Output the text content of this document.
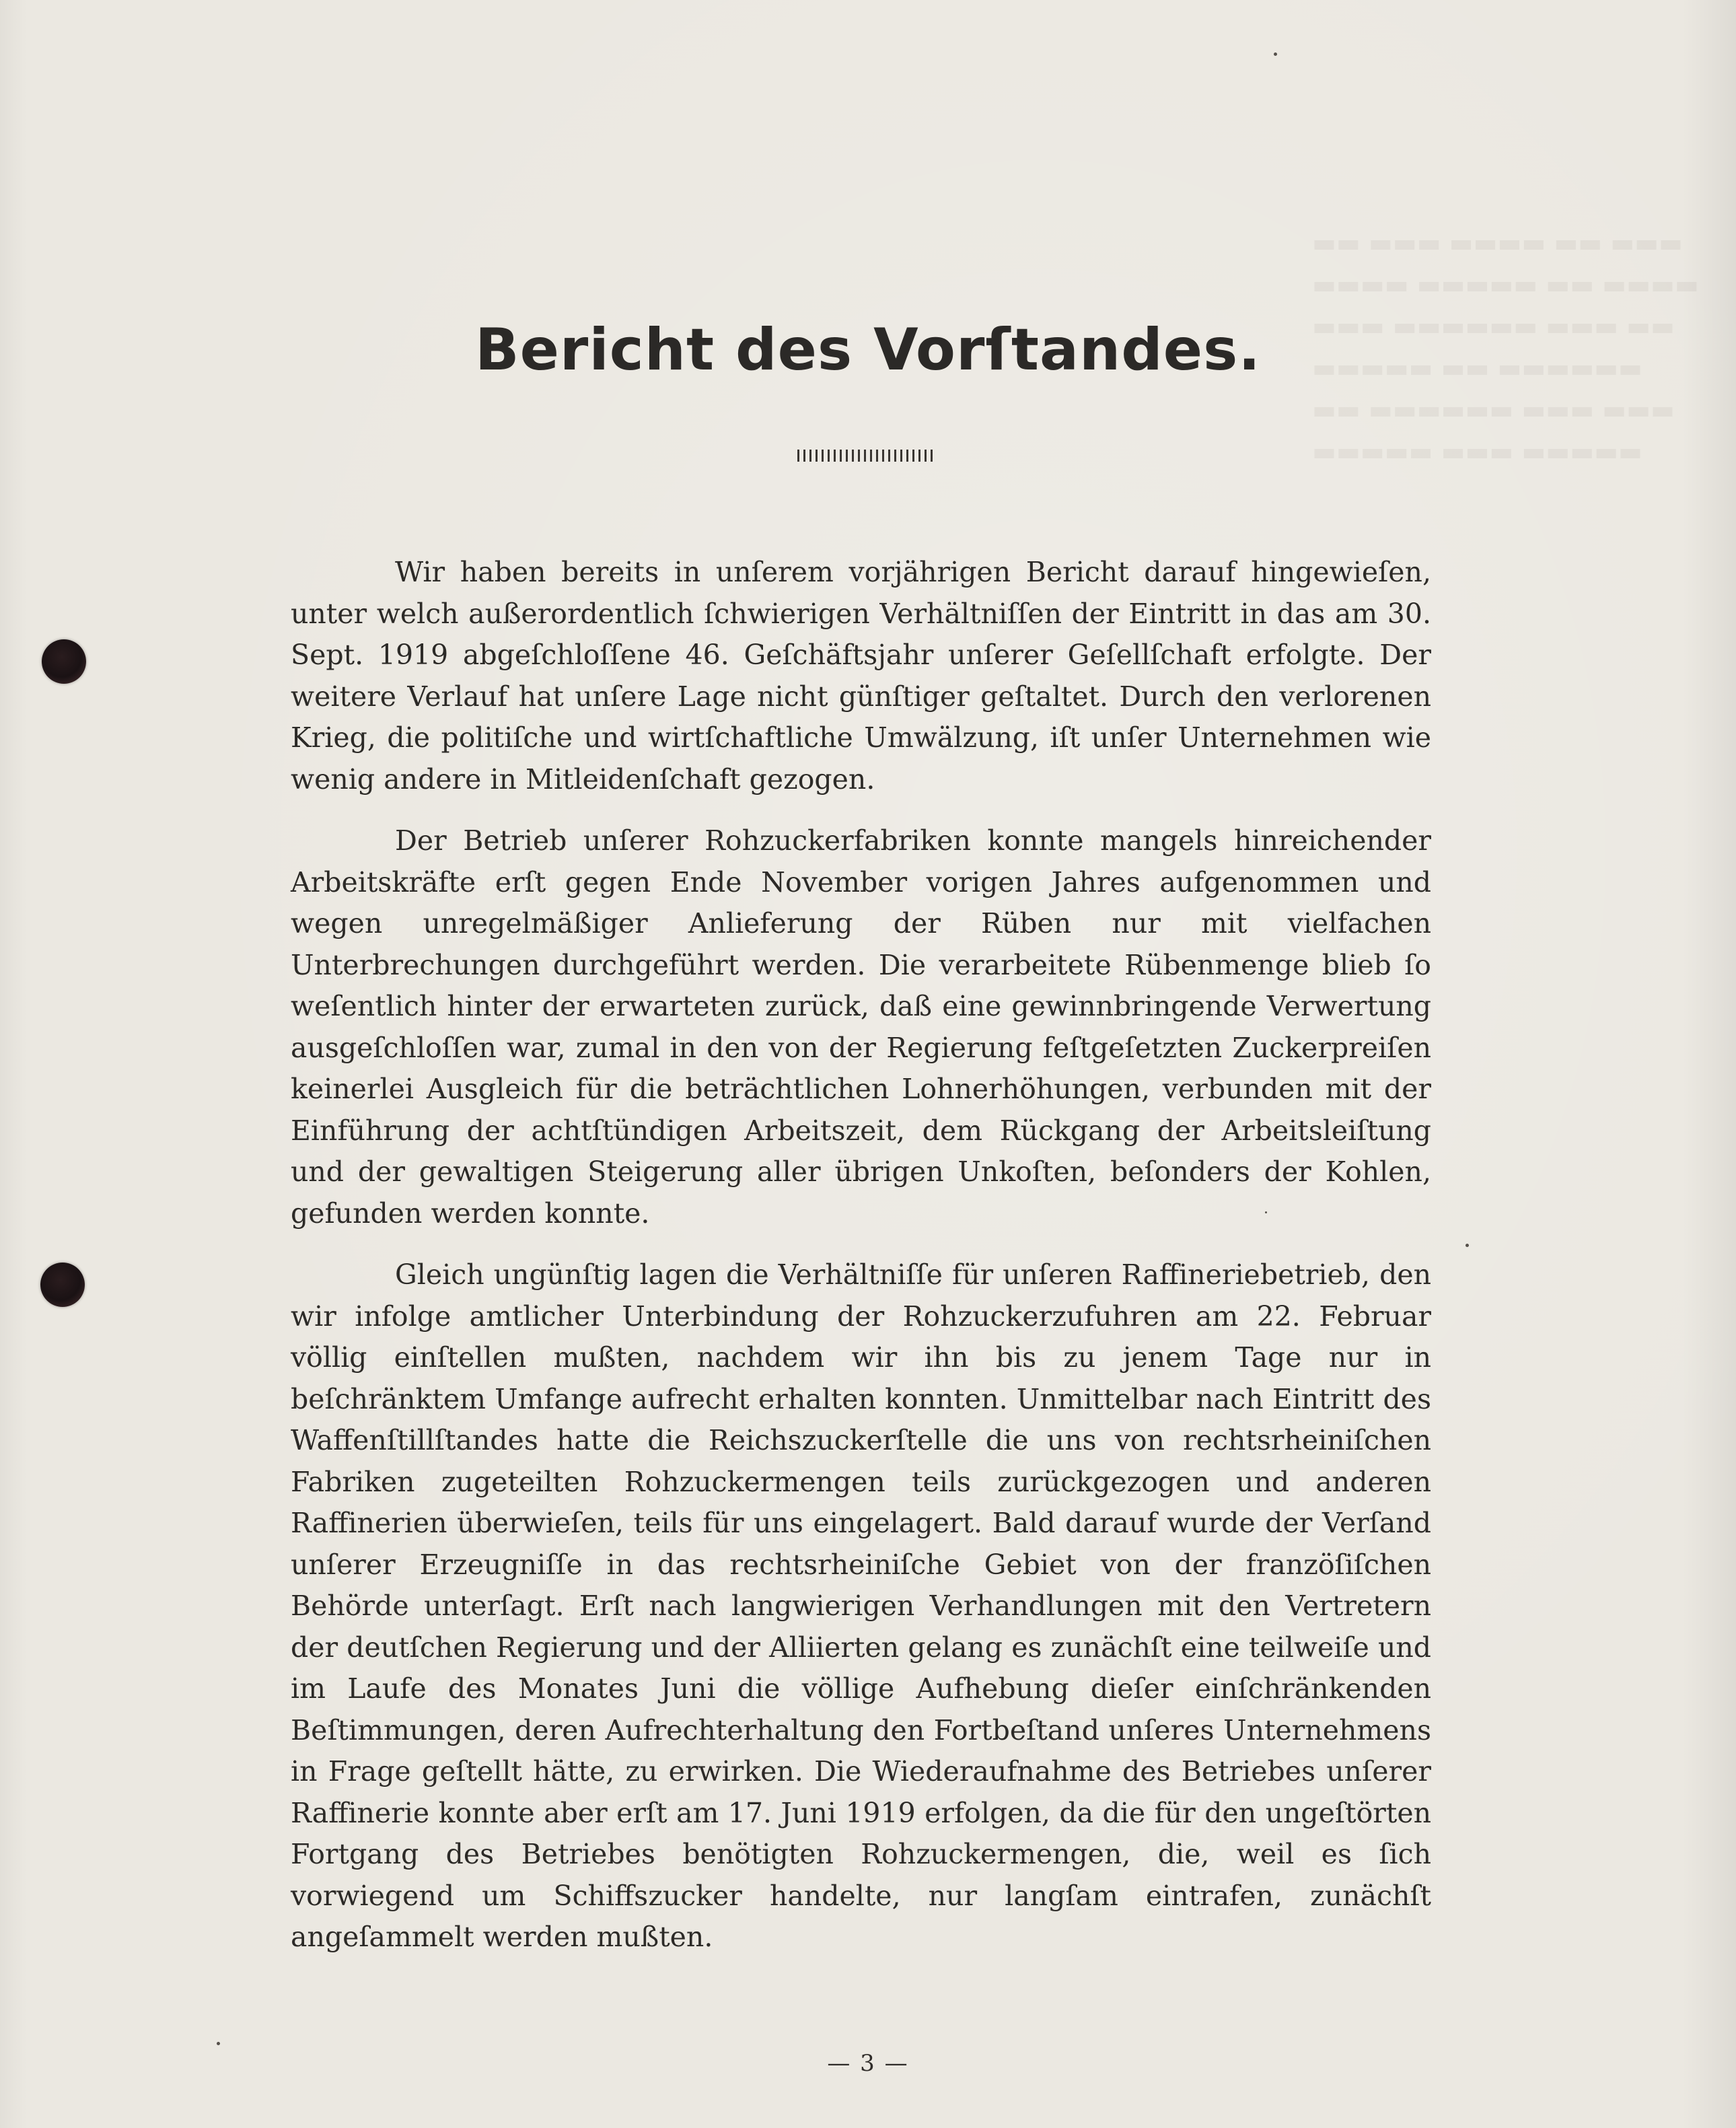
▬▬ ▬▬▬ ▬▬▬▬ ▬▬ ▬▬▬
▬▬▬▬ ▬▬▬▬▬ ▬▬ ▬▬▬▬
▬▬▬ ▬▬▬▬▬▬ ▬▬▬ ▬▬
▬▬▬▬▬ ▬▬ ▬▬▬▬▬▬
▬▬ ▬▬▬▬▬▬ ▬▬▬ ▬▬▬
▬▬▬▬▬ ▬▬▬ ▬▬▬▬▬
Bericht des Vorſtandes.

Wir haben bereits in unſerem vorjährigen Bericht darauf hingewieſen, unter welch außerordentlich ſchwierigen Verhältniſſen der Eintritt in das am 30. Sept. 1919 abgeſchloſſene 46. Geſchäftsjahr unſerer Geſellſchaft erfolgte. Der weitere Verlauf hat unſere Lage nicht günſtiger geſtaltet. Durch den verlorenen Krieg, die politiſche und wirtſchaftliche Umwälzung, iſt unſer Unternehmen wie wenig andere in Mitleidenſchaft gezogen.

Der Betrieb unſerer Rohzuckerfabriken konnte mangels hinreichender Arbeitskräfte erſt gegen Ende November vorigen Jahres aufgenommen und wegen unregelmäßiger Anlieferung der Rüben nur mit vielfachen Unterbrechungen durchgeführt werden. Die verarbeitete Rübenmenge blieb ſo weſentlich hinter der erwarteten zurück, daß eine gewinnbringende Verwertung ausgeſchloſſen war, zumal in den von der Regierung feſtgeſetzten Zuckerpreiſen keinerlei Ausgleich für die beträchtlichen Lohnerhöhungen, verbunden mit der Einführung der achtſtündigen Arbeitszeit, dem Rückgang der Arbeitsleiſtung und der gewaltigen Steigerung aller übrigen Unkoſten, beſonders der Kohlen, gefunden werden konnte.

Gleich ungünſtig lagen die Verhältniſſe für unſeren Raffineriebetrieb, den wir infolge amtlicher Unterbindung der Rohzuckerzufuhren am 22. Februar völlig einſtellen mußten, nachdem wir ihn bis zu jenem Tage nur in beſchränktem Umfange aufrecht erhalten konnten. Unmittelbar nach Eintritt des Waffenſtillſtandes hatte die Reichszuckerſtelle die uns von rechtsrheiniſchen Fabriken zugeteilten Rohzuckermengen teils zurückgezogen und anderen Raffinerien überwieſen, teils für uns eingelagert. Bald darauf wurde der Verſand unſerer Erzeugniſſe in das rechtsrheiniſche Gebiet von der franzöſiſchen Behörde unterſagt. Erſt nach langwierigen Verhandlungen mit den Vertretern der deutſchen Regierung und der Alliierten gelang es zunächſt eine teilweiſe und im Laufe des Monates Juni die völlige Aufhebung dieſer einſchränkenden Beſtimmungen, deren Aufrechterhaltung den Fortbeſtand unſeres Unternehmens in Frage geſtellt hätte, zu erwirken. Die Wiederaufnahme des Betriebes unſerer Raffinerie konnte aber erſt am 17. Juni 1919 erfolgen, da die für den ungeſtörten Fortgang des Betriebes benötigten Rohzuckermengen, die, weil es ſich vorwiegend um Schiffszucker handelte, nur langſam eintrafen, zunächſt angeſammelt werden mußten.

— 3 —
